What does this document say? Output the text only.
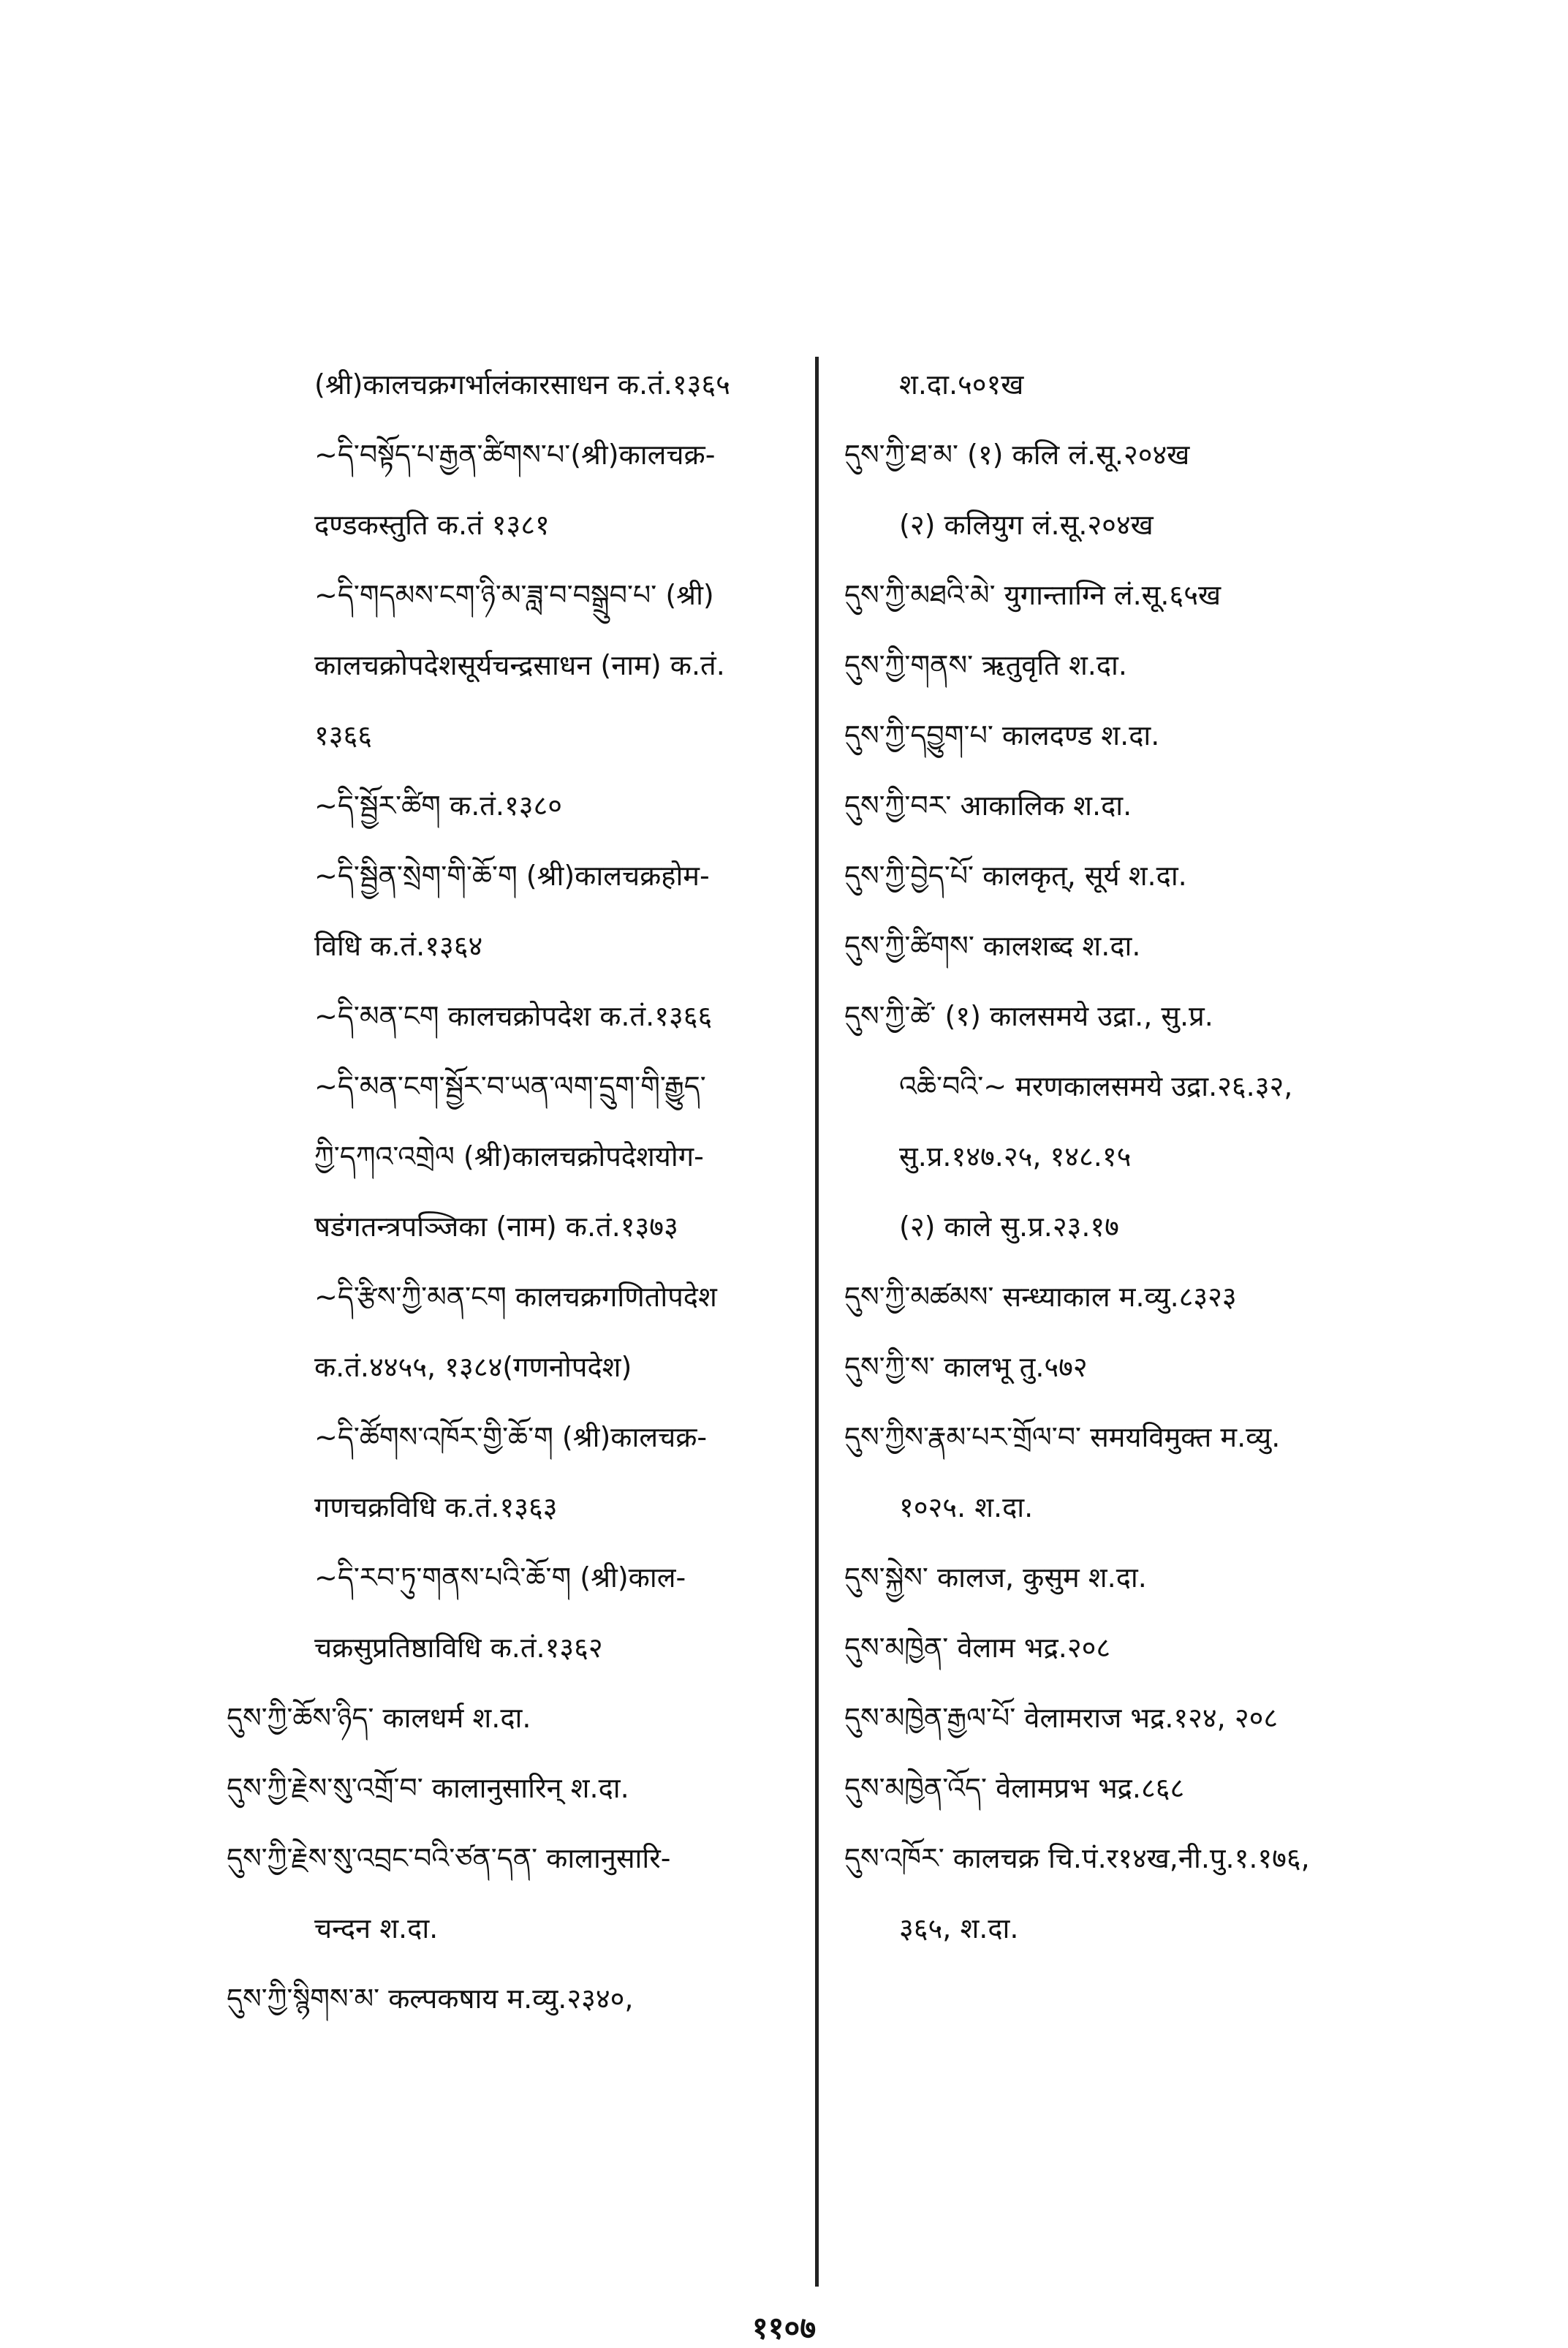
(श्री)कालचक्रगर्भालंकारसाधन क.तं.१३६५
~དི་བསྟོད་པ་རྒྱན་ཚིགས་པ་(श्री)कालचक्र-
दण्डकस्तुति क.तं १३८१
~དི་གདམས་ངག་ཉི་མ་ཟླ་བ་བསྒྲུབ་པ་ (श्री)
कालचक्रोपदेशसूर्यचन्द्रसाधन (नाम) क.तं.
१३६६
~དི་སྦྱོར་ཚིག क.तं.१३८०
~དི་སྦྱིན་སྲེག་གི་ཆོ་ག (श्री)कालचक्रहोम-
विधि क.तं.१३६४
~དི་མན་ངག कालचक्रोपदेश क.तं.१३६६
~དི་མན་ངག་སྦྱོར་བ་ཡན་ལག་དྲུག་གི་རྒྱུད་
ཀྱི་དཀའ་འགྲེལ (श्री)कालचक्रोपदेशयोग-
षडंगतन्त्रपञ्जिका (नाम) क.तं.१३७३
~དི་རྩིས་ཀྱི་མན་ངག कालचक्रगणितोपदेश
क.तं.४४५५, १३८४(गणनोपदेश)
~དི་ཚོགས་འཁོར་གྱི་ཆོ་ག (श्री)कालचक्र-
गणचक्रविधि क.तं.१३६३
~དི་རབ་ཏུ་གནས་པའི་ཆོ་ག (श्री)काल-
चक्रसुप्रतिष्ठाविधि क.तं.१३६२
དུས་ཀྱི་ཆོས་ཉིད་ कालधर्म श.दा.
དུས་ཀྱི་རྗེས་སུ་འགྲོ་བ་ कालानुसारिन् श.दा.
དུས་ཀྱི་རྗེས་སུ་འབྲང་བའི་ཙན་དན་ कालानुसारि-
चन्दन श.दा.
དུས་ཀྱི་སྙིགས་མ་ कल्पकषाय म.व्यु.२३४०,
श.दा.५०१ख
དུས་ཀྱི་ཐ་མ་ (१) कलि लं.सू.२०४ख
(२) कलियुग लं.सू.२०४ख
དུས་ཀྱི་མཐའི་མེ་ युगान्ताग्नि लं.सू.६५ख
དུས་ཀྱི་གནས་ ऋतुवृति श.दा.
དུས་ཀྱི་དབྱུག་པ་ कालदण्ड श.दा.
དུས་ཀྱི་བར་ आकालिक श.दा.
དུས་ཀྱི་བྱེད་པོ་ कालकृत्, सूर्य श.दा.
དུས་ཀྱི་ཚིགས་ कालशब्द श.दा.
དུས་ཀྱི་ཚེ་ (१) कालसमये उद्रा., सु.प्र.
འཆི་བའི་~ मरणकालसमये उद्रा.२६.३२,
सु.प्र.१४७.२५, १४८.१५
(२) काले सु.प्र.२३.१७
དུས་ཀྱི་མཚམས་ सन्ध्याकाल म.व्यु.८३२३
དུས་ཀྱི་ས་ कालभू तु.५७२
དུས་ཀྱིས་རྣམ་པར་གྲོལ་བ་ समयविमुक्त म.व्यु.
१०२५. श.दा.
དུས་སྐྱེས་ कालज, कुसुम श.दा.
དུས་མཁྱེན་ वेलाम भद्र.२०८
དུས་མཁྱེན་རྒྱལ་པོ་ वेलामराज भद्र.१२४, २०८
དུས་མཁྱེན་འོད་ वेलामप्रभ भद्र.८६८
དུས་འཁོར་ कालचक्र चि.पं.र१४ख,नी.पु.१.१७६,
३६५, श.दा.
११०७
